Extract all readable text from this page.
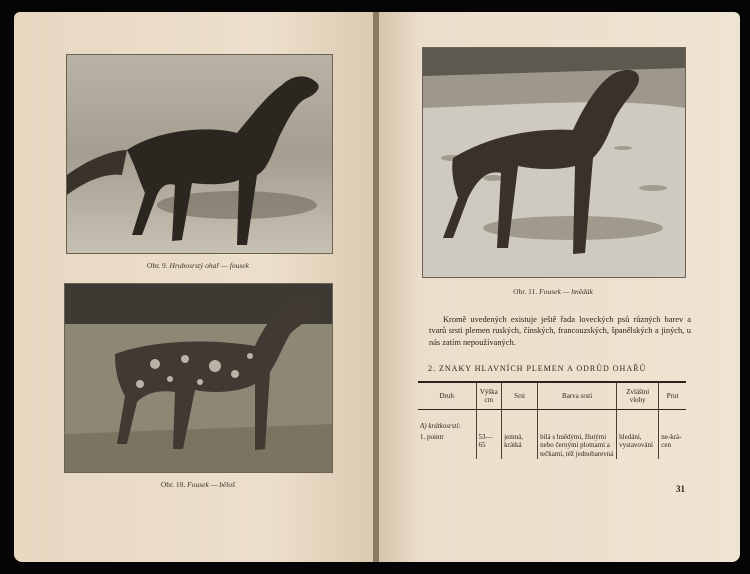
Obr. 9. Hrubosrstý ohař — fousek
Obr. 10. Fousek — běloš
Obr. 11. Fousek — hnědák

Kromě uvedených existuje ještě řada loveckých psů různých barev a tvarů srsti plemen ruských, čínských, francouzských, španělských a jiných, u nás zatím nepoužívaných.

2. ZNAKY HLAVNÍCH PLEMEN A ODRŮD OHAŘŮ
Druh	Výška cm	Srst	Barva srsti	Zvláštní vlohy	Prut
A) krátkosrstí:					
1. pointr	53—65	jemná, krátká	bílá s hnědými, žlutými nebo černými plotnami a tečkami, též jednobarevná	hledání, vystavování	ne-krá-cen
31
